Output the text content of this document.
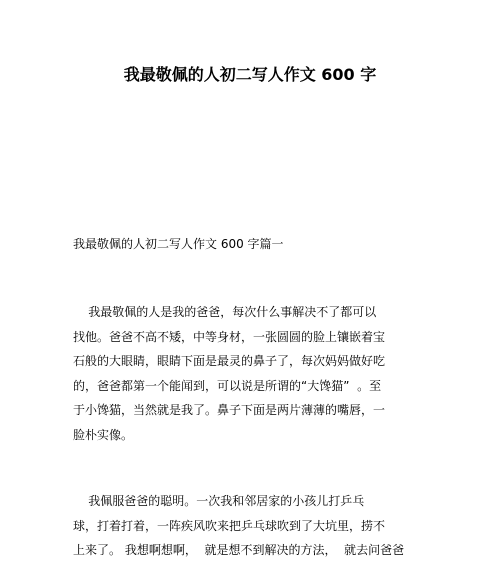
我最敬佩的人初二写人作文 600 字
我最敬佩的人初二写人作文 600 字篇一
我最敬佩的人是我的爸爸，每次什么事解决不了都可以
找他。爸爸不高不矮，中等身材，一张圆圆的脸上镶嵌着宝
石般的大眼睛，眼睛下面是最灵的鼻子了，每次妈妈做好吃
的，爸爸都第一个能闻到，可以说是所谓的“大馋猫”  。至
于小馋猫，当然就是我了。鼻子下面是两片薄薄的嘴唇，一
脸朴实像。
我佩服爸爸的聪明。一次我和邻居家的小孩儿打乒乓
球，打着打着，一阵疾风吹来把乒乓球吹到了大坑里，捞不
上来了。 我想啊想啊，  就是想不到解决的方法，  就去问爸爸
